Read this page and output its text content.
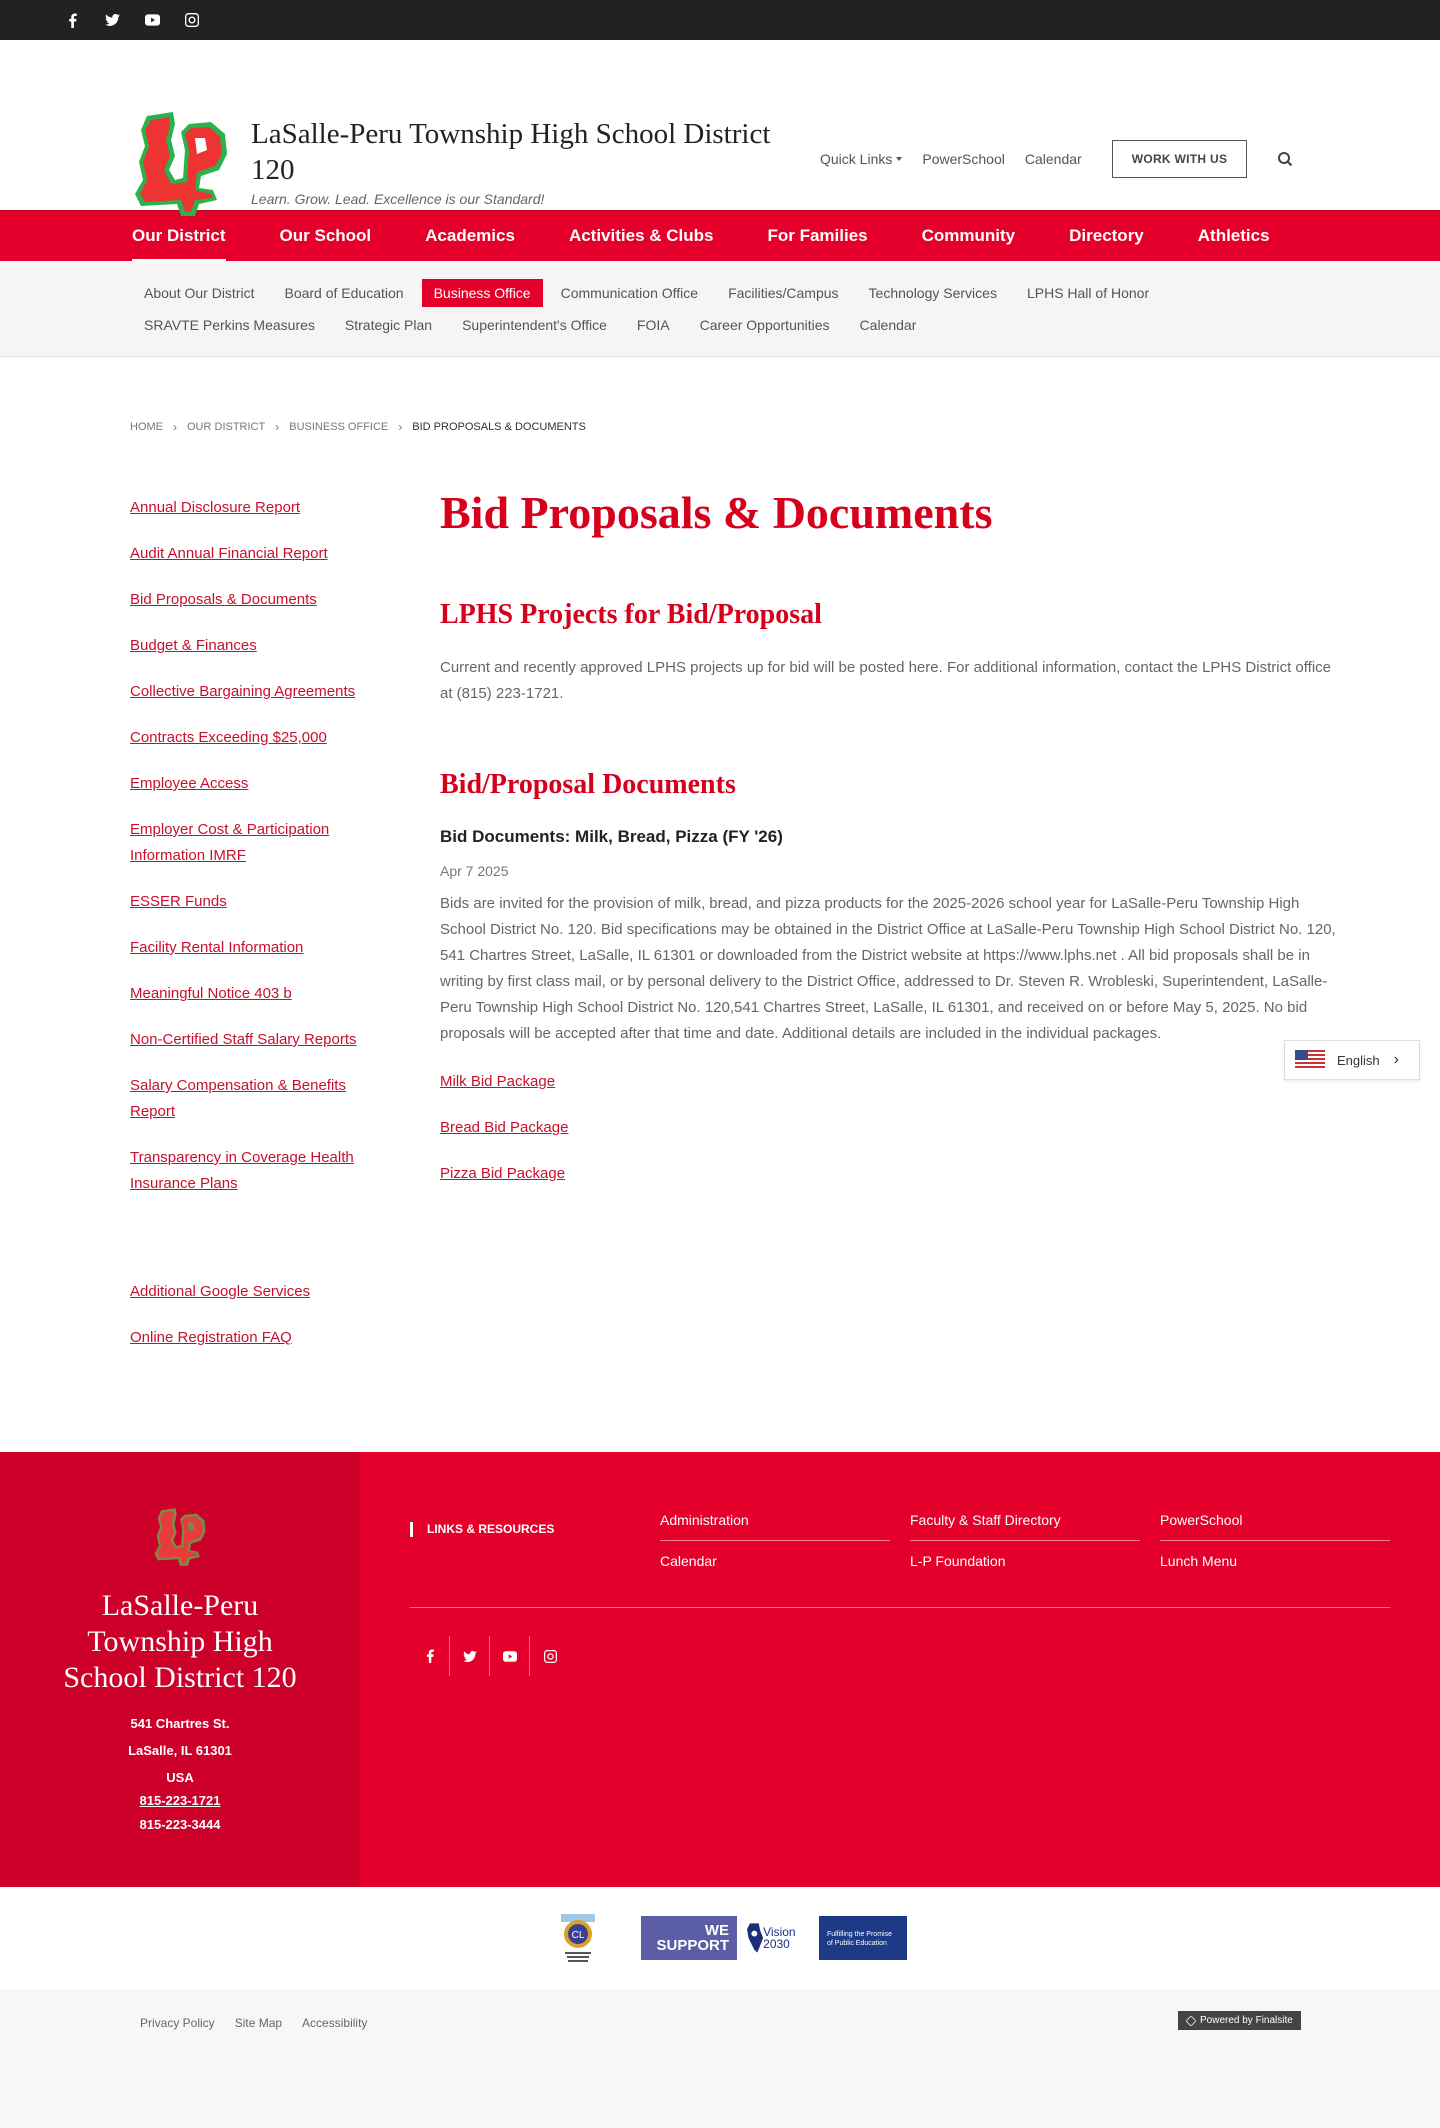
LaSalle-Peru Township High School District 120
Learn. Grow. Lead. Excellence is our Standard!
Quick Links PowerSchool Calendar	WORK WITH US
Our District	Our School	Academics	Activities & Clubs	For Families	Community	Directory	Athletics
About Our District	Board of Education	Business Office	Communication Office	Facilities/Campus	Technology Services	LPHS Hall of Honor
SRAVTE Perkins Measures	Strategic Plan	Superintendent's Office	FOIA	Career Opportunities	Calendar
HOME › OUR DISTRICT › BUSINESS OFFICE › BID PROPOSALS & DOCUMENTS
Annual Disclosure Report
Audit Annual Financial Report
Bid Proposals & Documents
Budget & Finances
Collective Bargaining Agreements
Contracts Exceeding $25,000
Employee Access
Employer Cost & Participation Information IMRF
ESSER Funds
Facility Rental Information
Meaningful Notice 403 b
Non-Certified Staff Salary Reports
Salary Compensation & Benefits Report
Transparency in Coverage Health Insurance Plans
Additional Google Services
Online Registration FAQ
Bid Proposals & Documents
LPHS Projects for Bid/Proposal

Current and recently approved LPHS projects up for bid will be posted here. For additional information, contact the LPHS District office at (815) 223-1721.

Bid/Proposal Documents
Bid Documents: Milk, Bread, Pizza (FY '26)
Apr 7 2025

Bids are invited for the provision of milk, bread, and pizza products for the 2025-2026 school year for LaSalle-Peru Township High School District No. 120. Bid specifications may be obtained in the District Office at LaSalle-Peru Township High School District No. 120, 541 Chartres Street, LaSalle, IL 61301 or downloaded from the District website at https://www.lphs.net . All bid proposals shall be in writing by first class mail, or by personal delivery to the District Office, addressed to Dr. Steven R. Wrobleski, Superintendent, LaSalle-Peru Township High School District No. 120,541 Chartres Street, LaSalle, IL 61301, and received on or before May 5, 2025. No bid proposals will be accepted after that time and date. Additional details are included in the individual packages.

Milk Bid Package
Bread Bid Package
Pizza Bid Package
English ›
LaSalle-Peru Township High School District 120
541 Chartres St.
LaSalle, IL 61301
USA
815-223-1721
815-223-3444
LINKS & RESOURCES
Administration	Faculty & Staff Directory	PowerSchool
Calendar	L-P Foundation	Lunch Menu
CL	WE SUPPORT
Vision 2030
Fulfilling the Promise of Public Education
Privacy Policy Site Map Accessibility	Powered by Finalsite
